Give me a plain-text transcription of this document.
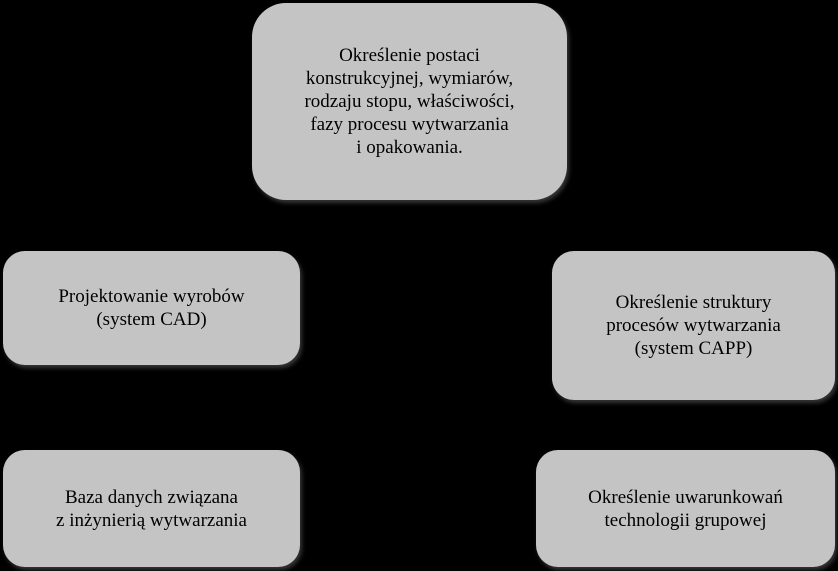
Określenie postaci
konstrukcyjnej, wymiarów,
rodzaju stopu, właściwości,
fazy procesu wytwarzania
i opakowania.
Projektowanie wyrobów
(system CAD)
Określenie struktury
procesów wytwarzania
(system CAPP)
Baza danych związana
z inżynierią wytwarzania
Określenie uwarunkowań
technologii grupowej
